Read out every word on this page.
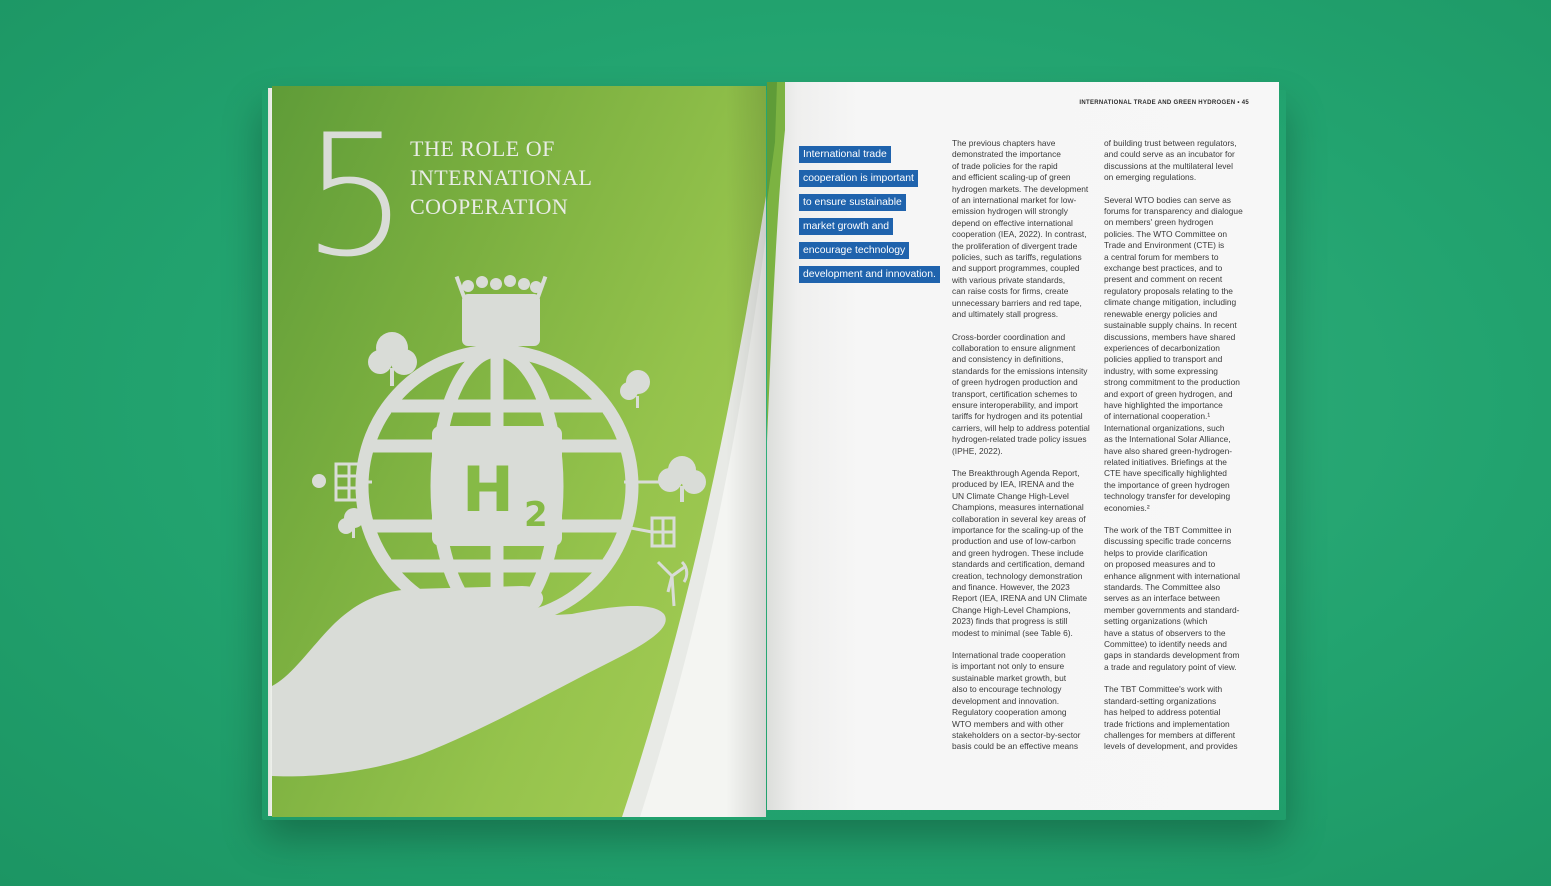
H 2
5 THE ROLE OF
INTERNATIONAL
COOPERATION
INTERNATIONAL TRADE AND GREEN HYDROGEN • 45
International trade
cooperation is important
to ensure sustainable
market growth and
encourage technology
development and innovation.

The previous chapters have
demonstrated the importance
of trade policies for the rapid
and efficient scaling-up of green
hydrogen markets. The development
of an international market for low-
emission hydrogen will strongly
depend on effective international
cooperation (IEA, 2022). In contrast,
the proliferation of divergent trade
policies, such as tariffs, regulations
and support programmes, coupled
with various private standards,
can raise costs for firms, create
unnecessary barriers and red tape,
and ultimately stall progress.

Cross-border coordination and
collaboration to ensure alignment
and consistency in definitions,
standards for the emissions intensity
of green hydrogen production and
transport, certification schemes to
ensure interoperability, and import
tariffs for hydrogen and its potential
carriers, will help to address potential
hydrogen-related trade policy issues
(IPHE, 2022).

The Breakthrough Agenda Report,
produced by IEA, IRENA and the
UN Climate Change High-Level
Champions, measures international
collaboration in several key areas of
importance for the scaling-up of the
production and use of low-carbon
and green hydrogen. These include
standards and certification, demand
creation, technology demonstration
and finance. However, the 2023
Report (IEA, IRENA and UN Climate
Change High-Level Champions,
2023) finds that progress is still
modest to minimal (see Table 6).

International trade cooperation
is important not only to ensure
sustainable market growth, but
also to encourage technology
development and innovation.
Regulatory cooperation among
WTO members and with other
stakeholders on a sector-by-sector
basis could be an effective means

of building trust between regulators,
and could serve as an incubator for
discussions at the multilateral level
on emerging regulations.

Several WTO bodies can serve as
forums for transparency and dialogue
on members' green hydrogen
policies. The WTO Committee on
Trade and Environment (CTE) is
a central forum for members to
exchange best practices, and to
present and comment on recent
regulatory proposals relating to the
climate change mitigation, including
renewable energy policies and
sustainable supply chains. In recent
discussions, members have shared
experiences of decarbonization
policies applied to transport and
industry, with some expressing
strong commitment to the production
and export of green hydrogen, and
have highlighted the importance
of international cooperation.¹
International organizations, such
as the International Solar Alliance,
have also shared green-hydrogen-
related initiatives. Briefings at the
CTE have specifically highlighted
the importance of green hydrogen
technology transfer for developing
economies.²

The work of the TBT Committee in
discussing specific trade concerns
helps to provide clarification
on proposed measures and to
enhance alignment with international
standards. The Committee also
serves as an interface between
member governments and standard-
setting organizations (which
have a status of observers to the
Committee) to identify needs and
gaps in standards development from
a trade and regulatory point of view.

The TBT Committee's work with
standard-setting organizations
has helped to address potential
trade frictions and implementation
challenges for members at different
levels of development, and provides
